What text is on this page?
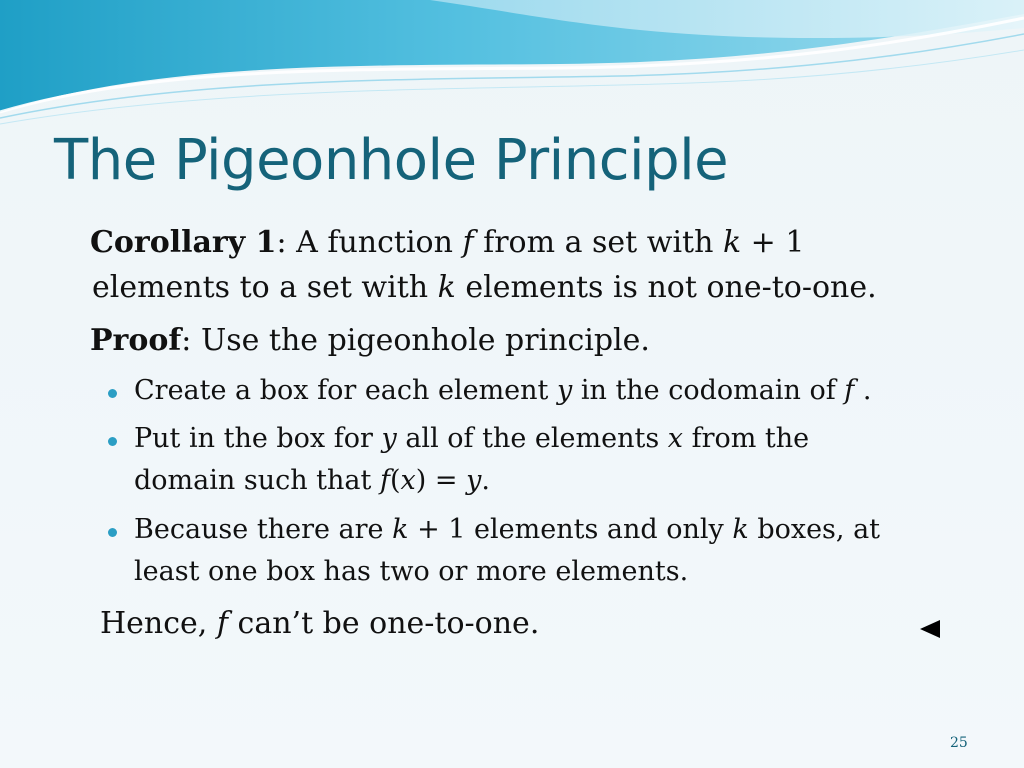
The Pigeonhole Principle
Corollary 1: A function f from a set with k + 1
elements to a set with k elements is not one-to-one.
Proof: Use the pigeonhole principle.
Create a box for each element y in the codomain of f .
Put in the box for y all of the elements x from the
domain such that f(x) = y.
Because there are k + 1 elements and only k boxes, at
least one box has two or more elements.
Hence, f can’t be one-to-one.
25
